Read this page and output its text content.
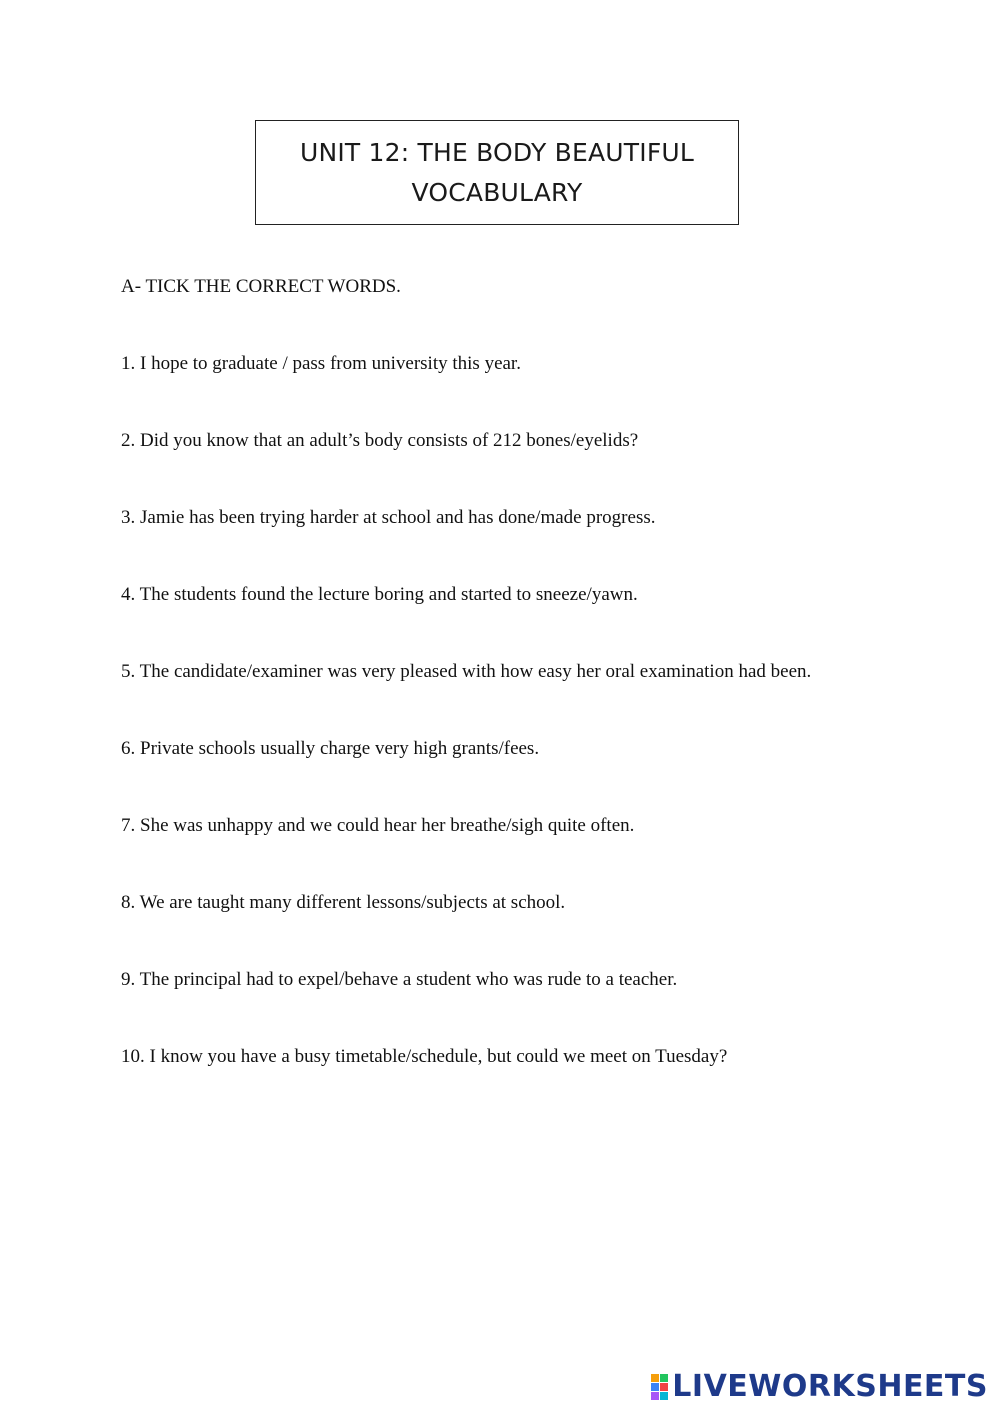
UNIT 12: THE BODY BEAUTIFUL
VOCABULARY
A- TICK THE CORRECT WORDS.
1. I hope to graduate / pass from university this year.
2. Did you know that an adult’s body consists of 212 bones/eyelids?
3. Jamie has been trying harder at school and has done/made progress.
4. The students found the lecture boring and started to sneeze/yawn.
5. The candidate/examiner was very pleased with how easy her oral examination had been.
6. Private schools usually charge very high grants/fees.
7. She was unhappy and we could hear her breathe/sigh quite often.
8. We are taught many different lessons/subjects at school.
9. The principal had to expel/behave a student who was rude to a teacher.
10. I know you have a busy timetable/schedule, but could we meet on Tuesday?
LIVEWORKSHEETS
